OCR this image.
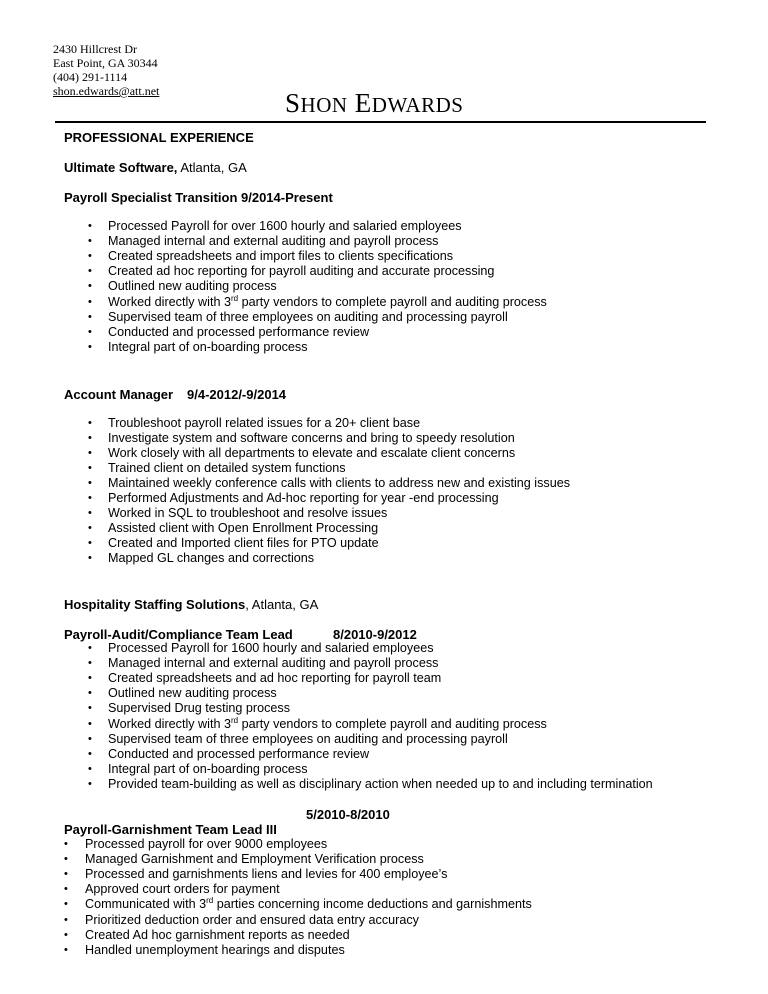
2430 Hillcrest Dr
East Point, GA 30344
(404) 291-1114
shon.edwards@att.net	SHON EDWARDS
PROFESSIONAL EXPERIENCE
Ultimate Software, Atlanta, GA
Payroll Specialist Transition 9/2014-Present
• Processed Payroll for over 1600 hourly and salaried employees
• Managed internal and external auditing and payroll process
• Created spreadsheets and import files to clients specifications
• Created ad hoc reporting for payroll auditing and accurate processing
• Outlined new auditing process
• Worked directly with 3rd party vendors to complete payroll and auditing process
• Supervised team of three employees on auditing and processing payroll
• Conducted and processed performance review
• Integral part of on-boarding process
Account Manager 9/4-2012/-9/2014
• Troubleshoot payroll related issues for a 20+ client base
• Investigate system and software concerns and bring to speedy resolution
• Work closely with all departments to elevate and escalate client concerns
• Trained client on detailed system functions
• Maintained weekly conference calls with clients to address new and existing issues
• Performed Adjustments and Ad-hoc reporting for year -end processing
• Worked in SQL to troubleshoot and resolve issues
• Assisted client with Open Enrollment Processing
• Created and Imported client files for PTO update
• Mapped GL changes and corrections
Hospitality Staffing Solutions, Atlanta, GA
Payroll-Audit/Compliance Team Lead	8/2010-9/2012
• Processed Payroll for 1600 hourly and salaried employees
• Managed internal and external auditing and payroll process
• Created spreadsheets and ad hoc reporting for payroll team
• Outlined new auditing process
• Supervised Drug testing process
• Worked directly with 3rd party vendors to complete payroll and auditing process
• Supervised team of three employees on auditing and processing payroll
• Conducted and processed performance review
• Integral part of on-boarding process
• Provided team-building as well as disciplinary action when needed up to and including termination
5/2010-8/2010
Payroll-Garnishment Team Lead III
• Processed payroll for over 9000 employees
• Managed Garnishment and Employment Verification process
• Processed and garnishments liens and levies for 400 employee’s
• Approved court orders for payment
• Communicated with 3rd parties concerning income deductions and garnishments
• Prioritized deduction order and ensured data entry accuracy
• Created Ad hoc garnishment reports as needed
• Handled unemployment hearings and disputes
